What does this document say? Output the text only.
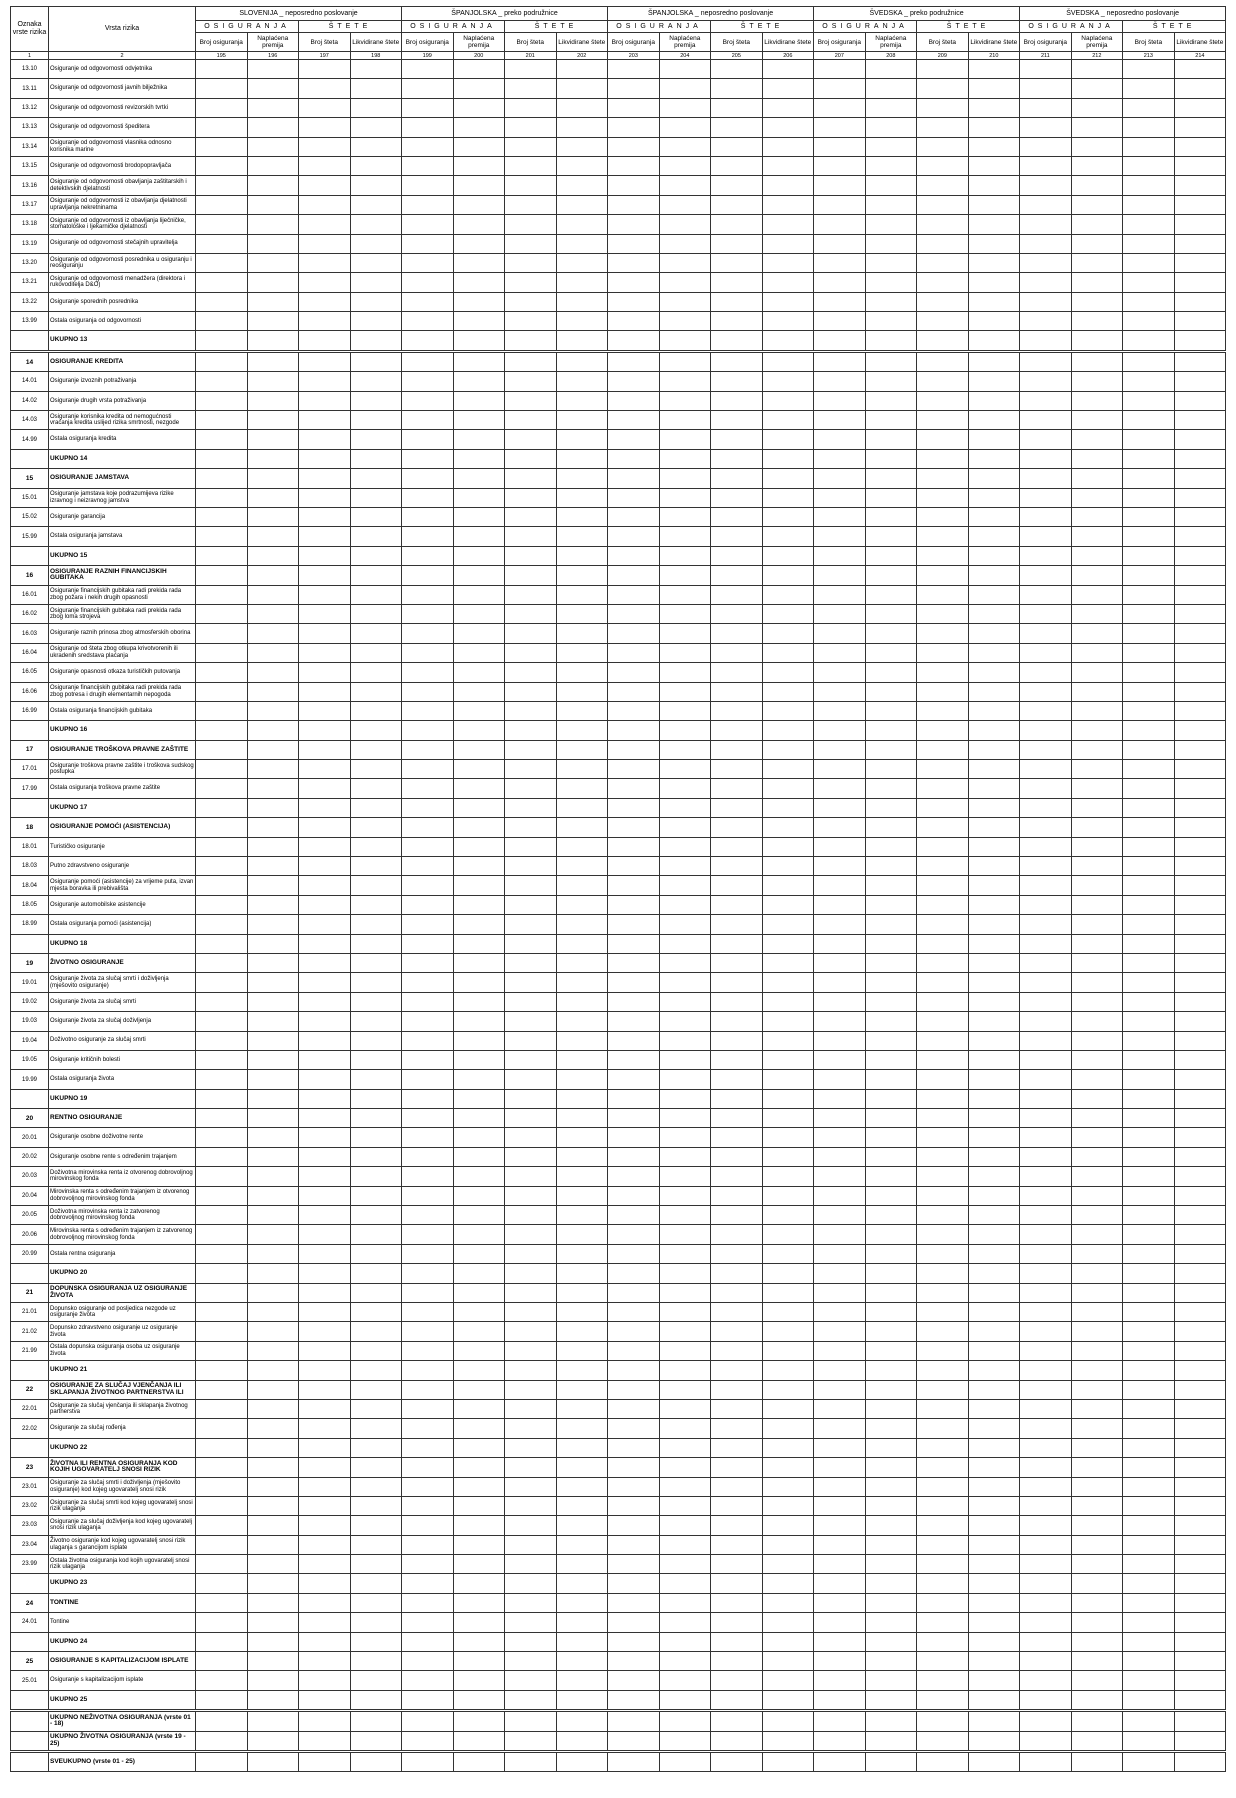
Oznaka vrste rizika	Vrsta rizika	SLOVENIJA _ neposredno poslovanje				ŠPANJOLSKA _ preko podružnice				ŠPANJOLSKA _ neposredno poslovanje				ŠVEDSKA _ preko podružnice				ŠVEDSKA _ neposredno poslovanje			
		OSIGURANJA		ŠTETE		OSIGURANJA		ŠTETE		OSIGURANJA		ŠTETE		OSIGURANJA		ŠTETE		OSIGURANJA		ŠTETE	
		Broj osiguranja	Naplaćena premija	Broj šteta	Likvidirane štete	Broj osiguranja	Naplaćena premija	Broj šteta	Likvidirane štete	Broj osiguranja	Naplaćena premija	Broj šteta	Likvidirane štete	Broj osiguranja	Naplaćena premija	Broj šteta	Likvidirane štete	Broj osiguranja	Naplaćena premija	Broj šteta	Likvidirane štete
1	2	195	196	197	198	199	200	201	202	203	204	205	206	207	208	209	210	211	212	213	214
13.10	Osiguranje od odgovornosti odvjetnika																				
13.11	Osiguranje od odgovornosti javnih bilježnika																				
13.12	Osiguranje od odgovornosti revizorskih tvrtki																				
13.13	Osiguranje od odgovornosti špeditera																				
13.14	Osiguranje od odgovornosti vlasnika odnosno korisnika marine																				
13.15	Osiguranje od odgovornosti brodopopravljača																				
13.16	Osiguranje od odgovornosti obavljanja zaštitarskih i detektivskih djelatnosti																				
13.17	Osiguranje od odgovornosti iz obavljanja djelatnosti upravljanja nekretninama																				
13.18	Osiguranje od odgovornosti iz obavljanja liječničke, stomatološke i ljekarničke djelatnosti																				
13.19	Osiguranje od odgovornosti stečajnih upravitelja																				
13.20	Osiguranje od odgovornosti posrednika u osiguranju i reosiguranju																				
13.21	Osiguranje od odgovornosti menadžera (direktora i rukovoditelja D&O)																				
13.22	Osiguranje sporednih posrednika																				
13.99	Ostala osiguranja od odgovornosti																				
	UKUPNO 13																				
14	OSIGURANJE KREDITA																				
14.01	Osiguranje izvoznih potraživanja																				
14.02	Osiguranje drugih vrsta potraživanja																				
14.03	Osiguranje korisnika kredita od nemogućnosti vraćanja kredita uslijed rizika smrtnosti, nezgode																				
14.99	Ostala osiguranja kredita																				
	UKUPNO 14																				
15	OSIGURANJE JAMSTAVA																				
15.01	Osiguranje jamstava koje podrazumijeva rizike izravnog i neizravnog jamstva																				
15.02	Osiguranje garancija																				
15.99	Ostala osiguranja jamstava																				
	UKUPNO 15																				
16	OSIGURANJE RAZNIH FINANCIJSKIH GUBITAKA																				
16.01	Osiguranje financijskih gubitaka radi prekida rada zbog požara i nekih drugih opasnosti																				
16.02	Osiguranje financijskih gubitaka radi prekida rada zbog loma strojeva																				
16.03	Osiguranje raznih prinosa zbog atmosferskih oborina																				
16.04	Osiguranje od šteta zbog otkupa krivotvorenih ili ukradenih sredstava plaćanja																				
16.05	Osiguranje opasnosti otkaza turističkih putovanja																				
16.06	Osiguranje financijskih gubitaka radi prekida rada zbog potresa i drugih elementarnih nepogoda																				
16.99	Ostala osiguranja financijskih gubitaka																				
	UKUPNO 16																				
17	OSIGURANJE TROŠKOVA PRAVNE ZAŠTITE																				
17.01	Osiguranje troškova pravne zaštite i troškova sudskog postupka																				
17.99	Ostala osiguranja troškova pravne zaštite																				
	UKUPNO 17																				
18	OSIGURANJE POMOĆI (ASISTENCIJA)																				
18.01	Turističko osiguranje																				
18.03	Putno zdravstveno osiguranje																				
18.04	Osiguranje pomoći (asistencije) za vrijeme puta, izvan mjesta boravka ili prebivališta																				
18.05	Osiguranje automobilske asistencije																				
18.99	Ostala osiguranja pomoći (asistencija)																				
	UKUPNO 18																				
19	ŽIVOTNO OSIGURANJE																				
19.01	Osiguranje života za slučaj smrti i doživljenja (mješovito osiguranje)																				
19.02	Osiguranje života za slučaj smrti																				
19.03	Osiguranje života za slučaj doživljenja																				
19.04	Doživotno osiguranje za slučaj smrti																				
19.05	Osiguranje kritičnih bolesti																				
19.99	Ostala osiguranja života																				
	UKUPNO 19																				
20	RENTNO OSIGURANJE																				
20.01	Osiguranje osobne doživotne rente																				
20.02	Osiguranje osobne rente s određenim trajanjem																				
20.03	Doživotna mirovinska renta iz otvorenog dobrovoljnog mirovinskog fonda																				
20.04	Mirovinska renta s određenim trajanjem iz otvorenog dobrovoljnog mirovinskog fonda																				
20.05	Doživotna mirovinska renta iz zatvorenog dobrovoljnog mirovinskog fonda																				
20.06	Mirovinska renta s određenim trajanjem iz zatvorenog dobrovoljnog mirovinskog fonda																				
20.99	Ostala rentna osiguranja																				
	UKUPNO 20																				
21	DOPUNSKA OSIGURANJA UZ OSIGURANJE ŽIVOTA																				
21.01	Dopunsko osiguranje od posljedica nezgode uz osiguranje života																				
21.02	Dopunsko zdravstveno osiguranje uz osiguranje života																				
21.99	Ostala dopunska osiguranja osoba uz osiguranje života																				
	UKUPNO 21																				
22	OSIGURANJE ZA SLUČAJ VJENČANJA ILI SKLAPANJA ŽIVOTNOG PARTNERSTVA ILI																				
22.01	Osiguranje za slučaj vjenčanja ili sklapanja životnog partnerstva																				
22.02	Osiguranje za slučaj rođenja																				
	UKUPNO 22																				
23	ŽIVOTNA ILI RENTNA OSIGURANJA KOD KOJIH UGOVARATELJ SNOSI RIZIK																				
23.01	Osiguranje za slučaj smrti i doživljenja (mješovito osiguranje) kod kojeg ugovaratelj snosi rizik																				
23.02	Osiguranje za slučaj smrti kod kojeg ugovaratelj snosi rizik ulaganja																				
23.03	Osiguranje za slučaj doživljenja kod kojeg ugovaratelj snosi rizik ulaganja																				
23.04	Životno osiguranje kod kojeg ugovaratelj snosi rizik ulaganja s garancijom isplate																				
23.99	Ostala životna osiguranja kod kojih ugovaratelj snosi rizik ulaganja																				
	UKUPNO 23																				
24	TONTINE																				
24.01	Tontine																				
	UKUPNO 24																				
25	OSIGURANJE S KAPITALIZACIJOM ISPLATE																				
25.01	Osiguranje s kapitalizacijom isplate																				
	UKUPNO 25																				
	UKUPNO NEŽIVOTNA OSIGURANJA (vrste 01 - 18)																				
	UKUPNO ŽIVOTNA OSIGURANJA (vrste 19 - 25)																				
	SVEUKUPNO (vrste 01 - 25)																				
